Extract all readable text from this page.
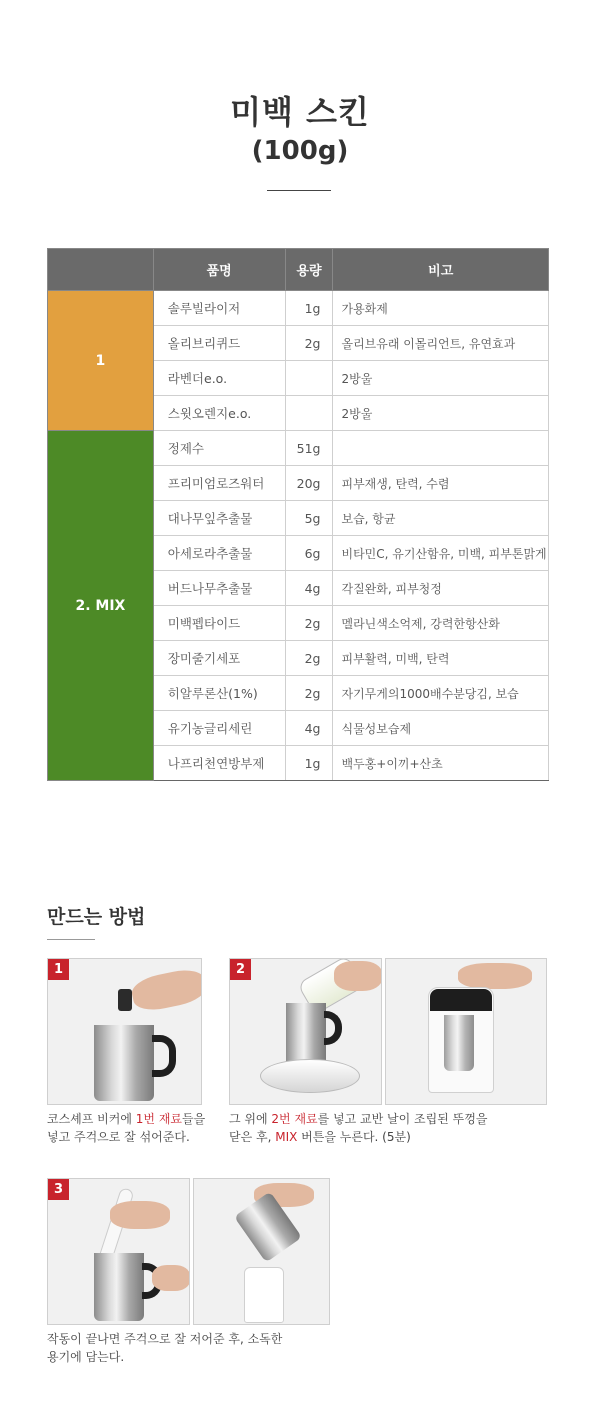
미백 스킨
(100g)
	품명	용량	비고
1	솔루빌라이저	1g	가용화제
	올리브리퀴드	2g	올리브유래 이몰리언트, 유연효과
	라벤더e.o.		2방울
	스윗오렌지e.o.		2방울
2. MIX	정제수	51g	
	프리미엄로즈워터	20g	피부재생, 탄력, 수렴
	대나무잎추출물	5g	보습, 항균
	아세로라추출물	6g	비타민C, 유기산함유, 미백, 피부톤맑게
	버드나무추출물	4g	각질완화, 피부청정
	미백펩타이드	2g	멜라닌색소억제, 강력한항산화
	장미줄기세포	2g	피부활력, 미백, 탄력
	히알루론산(1%)	2g	자기무게의1000배수분당김, 보습
	유기농글리세린	4g	식물성보습제
	나프리천연방부제	1g	백두홍+이끼+산초
만드는 방법
1
코스셰프 비커에 1번 재료들을
넣고 주걱으로 잘 섞어준다.
2
그 위에 2번 재료를 넣고 교반 날이 조립된 뚜껑을
닫은 후, MIX 버튼을 누른다. (5분)
3
작동이 끝나면 주걱으로 잘 저어준 후, 소독한
용기에 담는다.
